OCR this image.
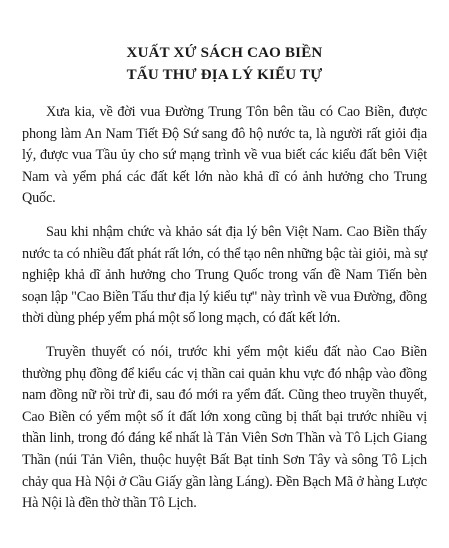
XUẤT XỨ SÁCH CAO BIỀN

TẤU THƯ ĐỊA LÝ KIỂU TỰ

Xưa kia, về đời vua Đường Trung Tôn bên tầu có Cao Biền, được phong làm An Nam Tiết Độ Sứ sang đô hộ nước ta, là người rất giỏi địa lý, được vua Tầu ủy cho sứ mạng trình về vua biết các kiểu đất bên Việt Nam và yểm phá các đất kết lớn nào khả dĩ có ảnh hưởng cho Trung Quốc.

Sau khi nhậm chức và khảo sát địa lý bên Việt Nam. Cao Biền thấy nước ta có nhiều đất phát rất lớn, có thể tạo nên những bậc tài giỏi, mà sự nghiệp khả dĩ ảnh hưởng cho Trung Quốc trong vấn đề Nam Tiến bèn soạn lập "Cao Biền Tấu thư địa lý kiểu tự" này trình về vua Đường, đồng thời dùng phép yểm phá một số long mạch, có đất kết lớn.

Truyền thuyết có nói, trước khi yểm một kiểu đất nào Cao Biền thường phụ đồng để kiểu các vị thần cai quản khu vực đó nhập vào đồng nam đồng nữ rồi trừ đi, sau đó mới ra yểm đất. Cũng theo truyền thuyết, Cao Biền có yểm một số ít đất lớn xong cũng bị thất bại trước nhiều vị thần linh, trong đó đáng kể nhất là Tản Viên Sơn Thần và Tô Lịch Giang Thần (núi Tản Viên, thuộc huyệt Bất Bạt tỉnh Sơn Tây và sông Tô Lịch chảy qua Hà Nội ở Cầu Giấy gần làng Láng). Đền Bạch Mã ở hàng Lược Hà Nội là đền thờ thần Tô Lịch.
